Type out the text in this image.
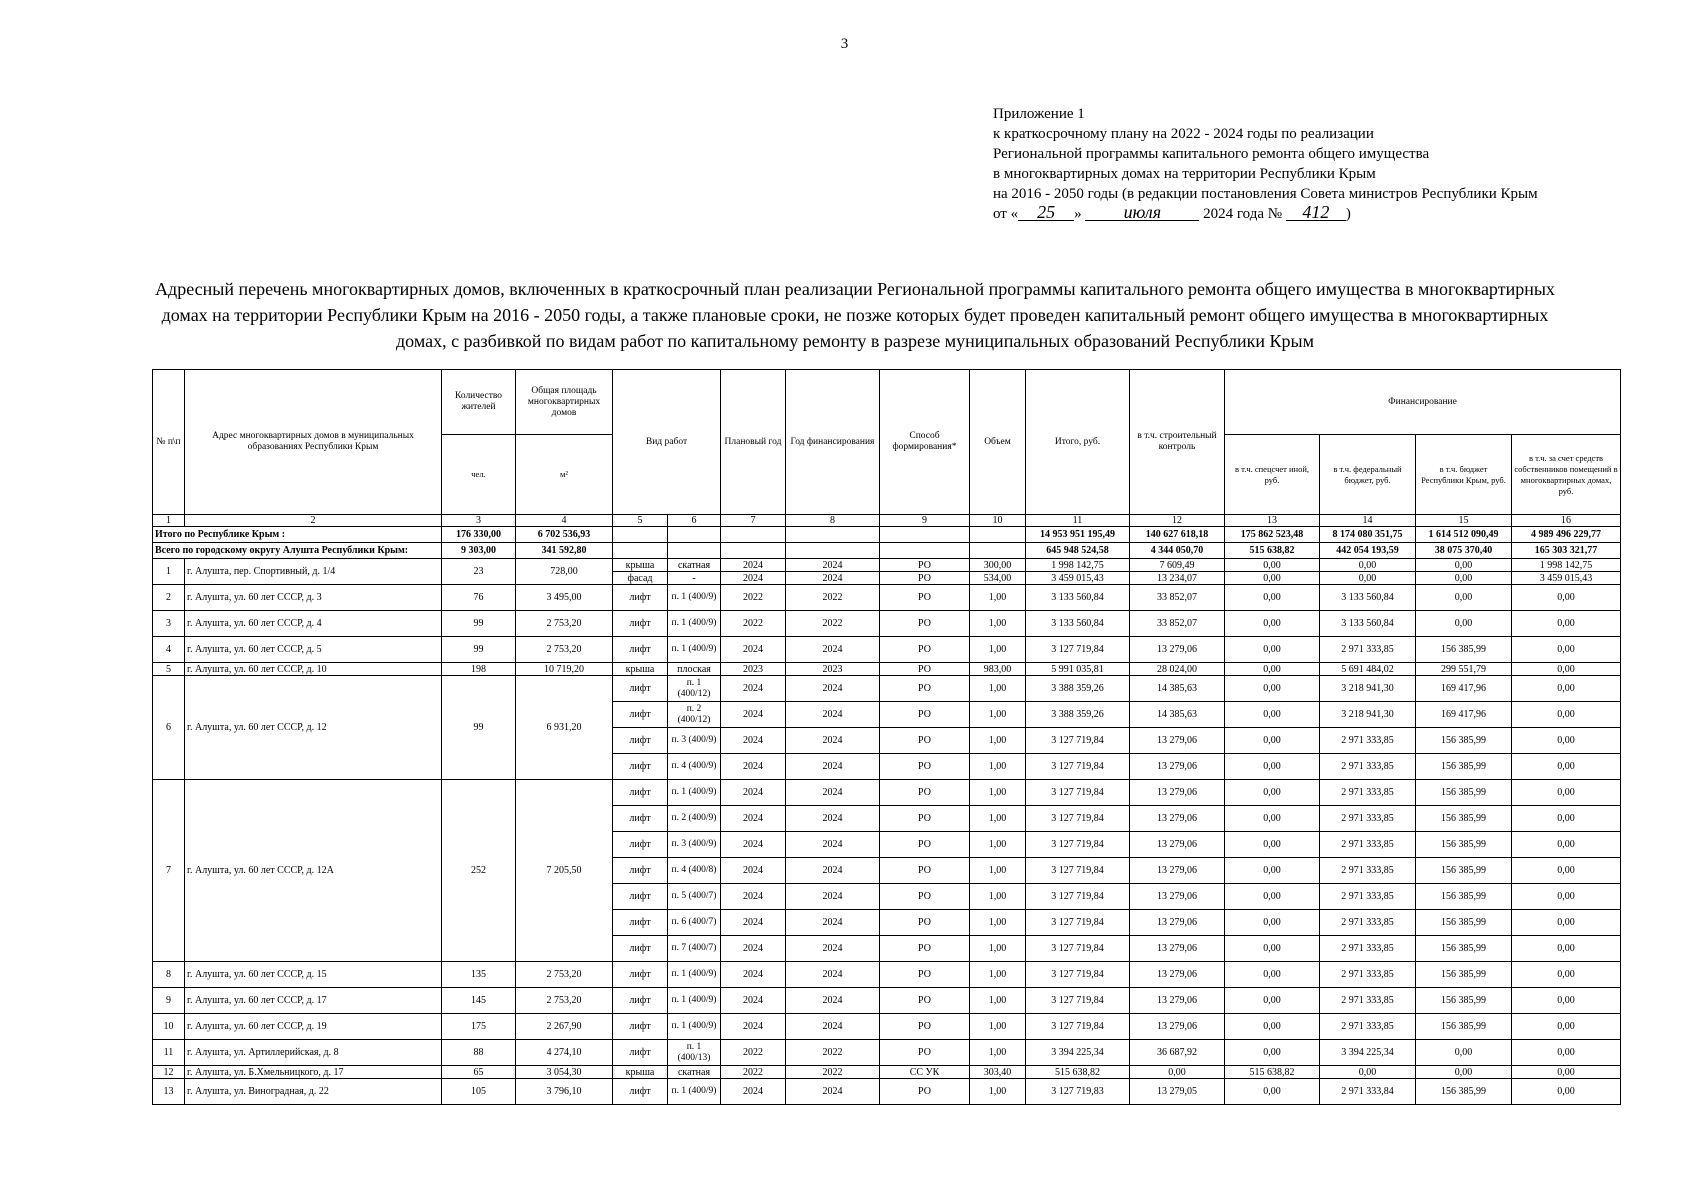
3
Приложение 1
к краткосрочному плану на 2022 - 2024 годы по реализации
Региональной программы капитального ремонта общего имущества
в многоквартирных домах на территории Республики Крым
на 2016 - 2050 годы (в редакции постановления Совета министров Республики Крым
от « 25 » июля	2024 года № 412 )
Адресный перечень многоквартирных домов, включенных в краткосрочный план реализации Региональной программы капитального ремонта общего имущества в многоквартирных домах на территории Республики Крым на 2016 - 2050 годы, а также плановые сроки, не позже которых будет проведен капитальный ремонт общего имущества в многоквартирных домах, с разбивкой по видам работ по капитальному ремонту в разрезе муниципальных образований Республики Крым
№ п\п	Адрес многоквартирных домов в муниципальных образованиях Республики Крым	Количество жителей	Общая площадь многоквартирных домов	Вид работ		Плановый год	Год финансирования	Способ формирования*	Объем	Итого, руб.	в т.ч. строительный контроль	Финансирование			
		чел.	м²									в т.ч. спецсчет иной, руб.	в т.ч. федеральный бюджет, руб.	в т.ч. бюджет Республики Крым, руб.	в т.ч. за счет средств собственников помещений в многоквартирных домах, руб.
1	2	3	4	5	6	7	8	9	10	11	12	13	14	15	16
Итого по Республике Крым :		176 330,00	6 702 536,93							14 953 951 195,49	140 627 618,18	175 862 523,48	8 174 080 351,75	1 614 512 090,49	4 989 496 229,77
Всего по городскому округу Алушта Республики Крым:		9 303,00	341 592,80							645 948 524,58	4 344 050,70	515 638,82	442 054 193,59	38 075 370,40	165 303 321,77
1	г. Алушта, пер. Спортивный, д. 1/4	23	728,00	крыша	скатная	2024	2024	РО	300,00	1 998 142,75	7 609,49	0,00	0,00	0,00	1 998 142,75
				фасад	-	2024	2024	РО	534,00	3 459 015,43	13 234,07	0,00	0,00	0,00	3 459 015,43
2	г. Алушта, ул. 60 лет СССР, д. 3	76	3 495,00	лифт	п. 1 (400/9)	2022	2022	РО	1,00	3 133 560,84	33 852,07	0,00	3 133 560,84	0,00	0,00
3	г. Алушта, ул. 60 лет СССР, д. 4	99	2 753,20	лифт	п. 1 (400/9)	2022	2022	РО	1,00	3 133 560,84	33 852,07	0,00	3 133 560,84	0,00	0,00
4	г. Алушта, ул. 60 лет СССР, д. 5	99	2 753,20	лифт	п. 1 (400/9)	2024	2024	РО	1,00	3 127 719,84	13 279,06	0,00	2 971 333,85	156 385,99	0,00
5	г. Алушта, ул. 60 лет СССР, д. 10	198	10 719,20	крыша	плоская	2023	2023	РО	983,00	5 991 035,81	28 024,00	0,00	5 691 484,02	299 551,79	0,00
6	г. Алушта, ул. 60 лет СССР, д. 12	99	6 931,20	лифт	п. 1 (400/12)	2024	2024	РО	1,00	3 388 359,26	14 385,63	0,00	3 218 941,30	169 417,96	0,00
				лифт	п. 2 (400/12)	2024	2024	РО	1,00	3 388 359,26	14 385,63	0,00	3 218 941,30	169 417,96	0,00
				лифт	п. 3 (400/9)	2024	2024	РО	1,00	3 127 719,84	13 279,06	0,00	2 971 333,85	156 385,99	0,00
				лифт	п. 4 (400/9)	2024	2024	РО	1,00	3 127 719,84	13 279,06	0,00	2 971 333,85	156 385,99	0,00
7	г. Алушта, ул. 60 лет СССР, д. 12А	252	7 205,50	лифт	п. 1 (400/9)	2024	2024	РО	1,00	3 127 719,84	13 279,06	0,00	2 971 333,85	156 385,99	0,00
				лифт	п. 2 (400/9)	2024	2024	РО	1,00	3 127 719,84	13 279,06	0,00	2 971 333,85	156 385,99	0,00
				лифт	п. 3 (400/9)	2024	2024	РО	1,00	3 127 719,84	13 279,06	0,00	2 971 333,85	156 385,99	0,00
				лифт	п. 4 (400/8)	2024	2024	РО	1,00	3 127 719,84	13 279,06	0,00	2 971 333,85	156 385,99	0,00
				лифт	п. 5 (400/7)	2024	2024	РО	1,00	3 127 719,84	13 279,06	0,00	2 971 333,85	156 385,99	0,00
				лифт	п. 6 (400/7)	2024	2024	РО	1,00	3 127 719,84	13 279,06	0,00	2 971 333,85	156 385,99	0,00
				лифт	п. 7 (400/7)	2024	2024	РО	1,00	3 127 719,84	13 279,06	0,00	2 971 333,85	156 385,99	0,00
8	г. Алушта, ул. 60 лет СССР, д. 15	135	2 753,20	лифт	п. 1 (400/9)	2024	2024	РО	1,00	3 127 719,84	13 279,06	0,00	2 971 333,85	156 385,99	0,00
9	г. Алушта, ул. 60 лет СССР, д. 17	145	2 753,20	лифт	п. 1 (400/9)	2024	2024	РО	1,00	3 127 719,84	13 279,06	0,00	2 971 333,85	156 385,99	0,00
10	г. Алушта, ул. 60 лет СССР, д. 19	175	2 267,90	лифт	п. 1 (400/9)	2024	2024	РО	1,00	3 127 719,84	13 279,06	0,00	2 971 333,85	156 385,99	0,00
11	г. Алушта, ул. Артиллерийская, д. 8	88	4 274,10	лифт	п. 1 (400/13)	2022	2022	РО	1,00	3 394 225,34	36 687,92	0,00	3 394 225,34	0,00	0,00
12	г. Алушта, ул. Б.Хмельницкого, д. 17	65	3 054,30	крыша	скатная	2022	2022	СС УК	303,40	515 638,82	0,00	515 638,82	0,00	0,00	0,00
13	г. Алушта, ул. Виноградная, д. 22	105	3 796,10	лифт	п. 1 (400/9)	2024	2024	РО	1,00	3 127 719,83	13 279,05	0,00	2 971 333,84	156 385,99	0,00
